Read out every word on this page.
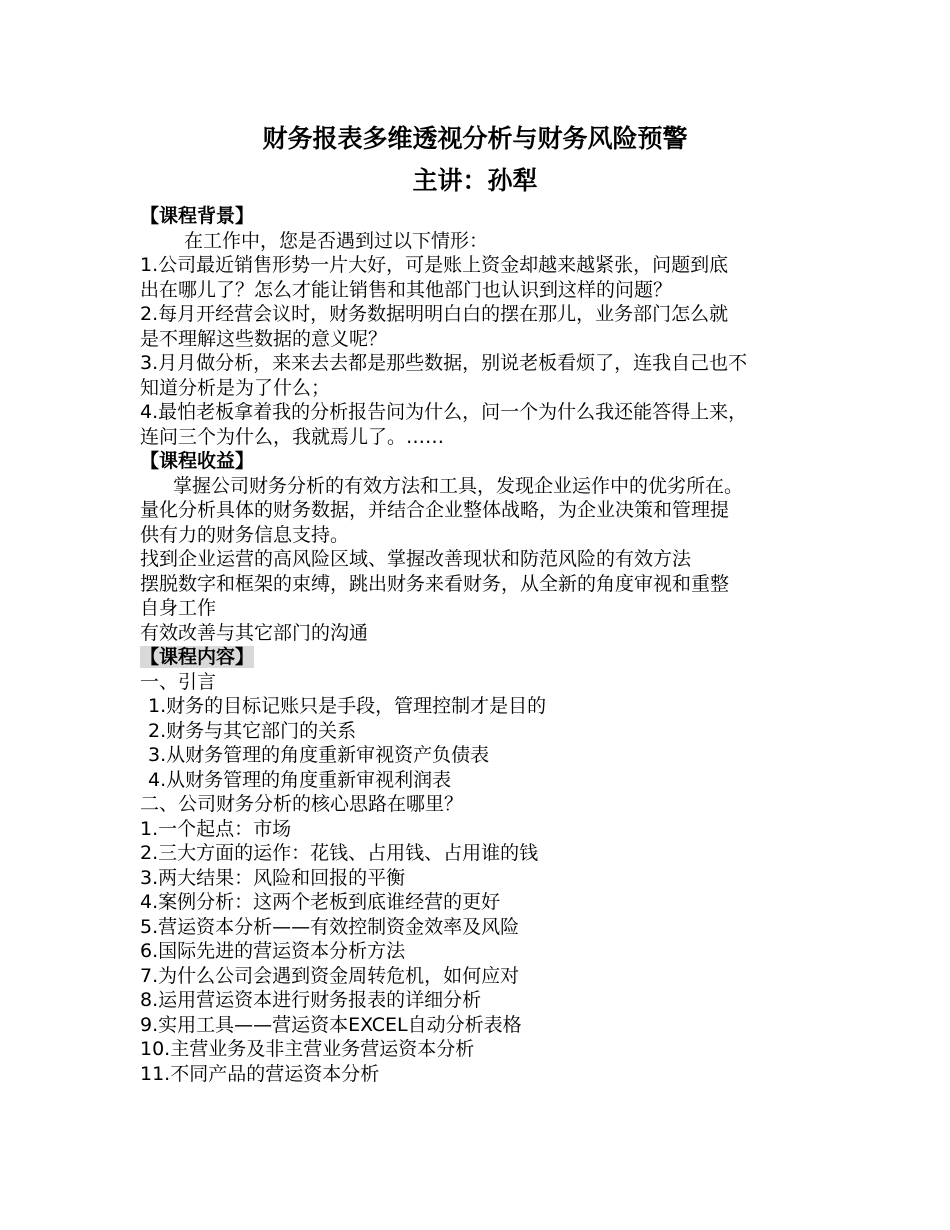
财务报表多维透视分析与财务风险预警
主讲：孙犁
【课程背景】
在工作中，您是否遇到过以下情形：
1.公司最近销售形势一片大好，可是账上资金却越来越紧张，问题到底
出在哪儿了？怎么才能让销售和其他部门也认识到这样的问题？
2.每月开经营会议时，财务数据明明白白的摆在那儿，业务部门怎么就
是不理解这些数据的意义呢？
3.月月做分析，来来去去都是那些数据，别说老板看烦了，连我自己也不
知道分析是为了什么；
4.最怕老板拿着我的分析报告问为什么，问一个为什么我还能答得上来，
连问三个为什么，我就焉儿了。……
【课程收益】
掌握公司财务分析的有效方法和工具，发现企业运作中的优劣所在。
量化分析具体的财务数据，并结合企业整体战略，为企业决策和管理提
供有力的财务信息支持。
找到企业运营的高风险区域、掌握改善现状和防范风险的有效方法
摆脱数字和框架的束缚，跳出财务来看财务，从全新的角度审视和重整
自身工作
有效改善与其它部门的沟通
【课程内容】
一、引言
1.财务的目标记账只是手段，管理控制才是目的
2.财务与其它部门的关系
3.从财务管理的角度重新审视资产负债表
4.从财务管理的角度重新审视利润表
二、公司财务分析的核心思路在哪里？
1.一个起点：市场
2.三大方面的运作：花钱、占用钱、占用谁的钱
3.两大结果：风险和回报的平衡
4.案例分析：这两个老板到底谁经营的更好
5.营运资本分析——有效控制资金效率及风险
6.国际先进的营运资本分析方法
7.为什么公司会遇到资金周转危机，如何应对
8.运用营运资本进行财务报表的详细分析
9.实用工具——营运资本EXCEL自动分析表格
10.主营业务及非主营业务营运资本分析
11.不同产品的营运资本分析
